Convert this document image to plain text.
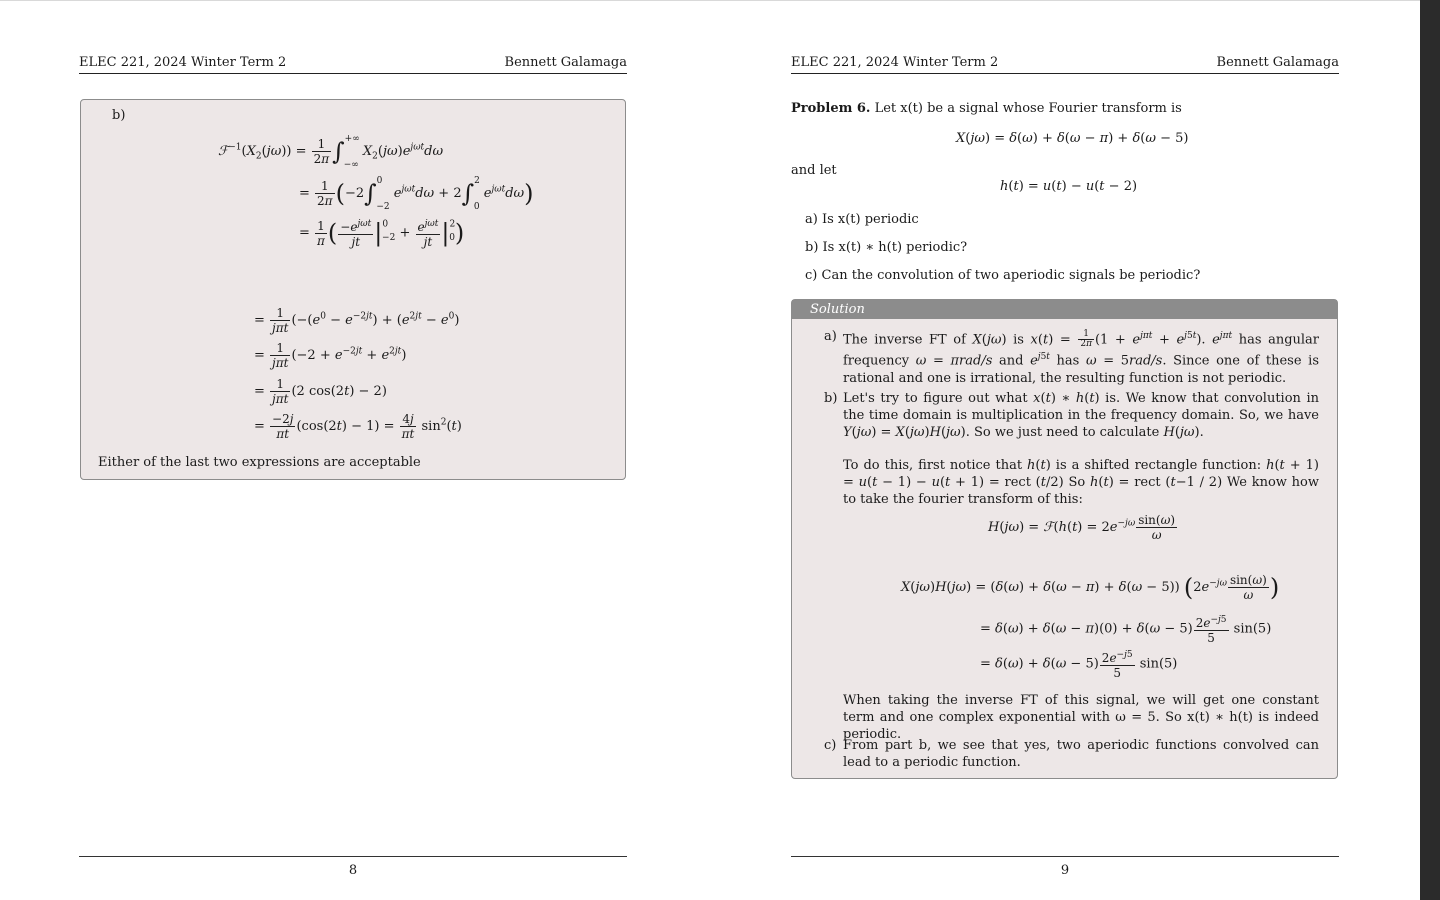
ELEC 221, 2024 Winter Term 2	Bennett Galamaga
b)
$ℱ^{-1}(X_2(j\omega)) = \frac{1}{2\pi} \int^{+\infty}_{-\infty}$ $X_2(j\omega)e^{j\omega t}d\omega$
= $\frac{1}{2\pi} (-2\int^0_{-2}$ $e^{j\omega t}d\omega + 2\int^2_0$ $e^{j\omega t}d\omega$)
= $\frac{1}{\pi}$ ( $\frac{-e^{j\omega t}}{jt} |^0_{-2} + \frac{e^{j\omega t}}{jt} |^2_0$)
= $\frac{1}{\text{jπt}} (-(e^0 - e^{-2jt}) + (e^{2jt} - e^0)$
= $\frac{1}{\text{jπt}} (-2 + e^{-2jt} + e^{2jt})$
= $\frac{1}{\text{jπt}} (2$ cos(2t) − 2)
= $\frac{-2j}{\pi t} (\cos(2t) - 1) = \frac{4j}{\pi t} \sin^2(t)$
Either of the last two expressions are acceptable
8
ELEC 221, 2024 Winter Term 2	Bennett Galamaga
Problem 6. Let x(t) be a signal whose Fourier transform is
X(jω) = δ(ω) + δ(ω − π) + δ(ω − 5)
and let
h(t) = u(t) − u(t − 2)
a) Is x(t) periodic
b) Is x(t) ∗ h(t) periodic?
c) Can the convolution of two aperiodic signals be periodic?
Solution
a) The inverse FT of X(jω) is $x(t) = \frac{1}{2\pi} (1 + e^{j\pi t} + e^{j5t})$. $e^{j\pi t}$ has angular frequency ω = πrad/s and $e^{j5t}$ has ω = 5rad/s. Since one of these is rational and one is irrational, the resulting function is not periodic.
b) Let's try to figure out what x(t) ∗ h(t) is. We know that convolution in the time domain is multiplication in the frequency domain. So, we have Y(jω) = X(jω)H(jω). So we just need to calculate H(jω).
To do this, first notice that h(t) is a shifted rectangle function: h(t + 1) = u(t − 1) − u(t + 1) = rect (t/2) So h(t) = rect (t−1 / 2) We know how to take the fourier transform of this:
H(jω) = ℱ(h(t) = $2e^{-j\omega} \frac{\sin(\omega)}{\omega}$
X(jω)H(jω) = (δ(ω) + δ(ω − π) + δ(ω − 5)) ($2e^{-j\omega} \frac{\sin(\omega)}{\omega}$ )
= $\delta(\omega) + \delta(\omega - \pi)(0) + \delta(\omega - 5) \frac{2e^{-j5}}{5} \sin(5)$
= $\delta(\omega) + \delta(\omega - 5) \frac{2e^{-j5}}{5} \sin(5)$
When taking the inverse FT of this signal, we will get one constant term and one complex exponential with ω = 5. So x(t) ∗ h(t) is indeed periodic.
c) From part b, we see that yes, two aperiodic functions convolved can lead to a periodic function.
9
